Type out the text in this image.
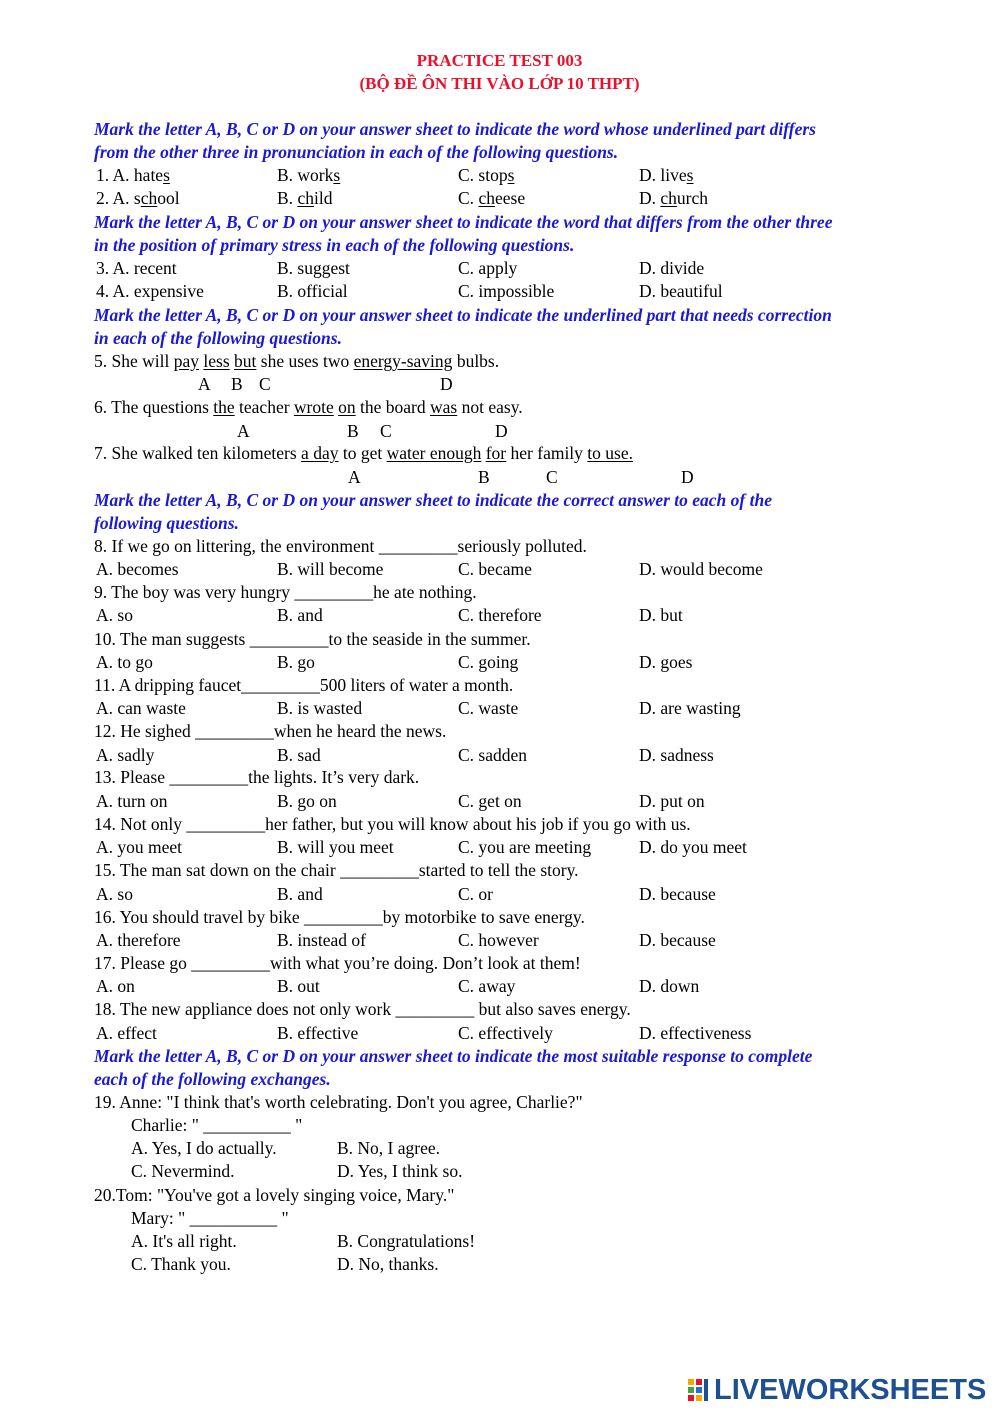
PRACTICE TEST 003
(BỘ ĐỀ ÔN THI VÀO LỚP 10 THPT)
Mark the letter A, B, C or D on your answer sheet to indicate the word whose underlined part differs
from the other three in pronunciation in each of the following questions.
1. A. hates	B. works	C. stops	D. lives
2. A. school	B. child	C. cheese	D. church
Mark the letter A, B, C or D on your answer sheet to indicate the word that differs from the other three
in the position of primary stress in each of the following questions.
3. A. recent	B. suggest	C. apply	D. divide
4. A. expensive	B. official	C. impossible	D. beautiful
Mark the letter A, B, C or D on your answer sheet to indicate the underlined part that needs correction
in each of the following questions.
5. She will pay less but she uses two energy-saving bulbs.
A B C	D
6. The questions the teacher wrote on the board was not easy.
A	B C	D
7. She walked ten kilometers a day to get water enough for her family to use.
A	B	C	D
Mark the letter A, B, C or D on your answer sheet to indicate the correct answer to each of the
following questions.
8. If we go on littering, the environment _________seriously polluted.
A. becomes	B. will become	C. became	D. would become
9. The boy was very hungry _________he ate nothing.
A. so	B. and	C. therefore	D. but
10. The man suggests _________to the seaside in the summer.
A. to go	B. go	C. going	D. goes
11. A dripping faucet_________500 liters of water a month.
A. can waste	B. is wasted	C. waste	D. are wasting
12. He sighed _________when he heard the news.
A. sadly	B. sad	C. sadden	D. sadness
13. Please _________the lights. It’s very dark.
A. turn on	B. go on	C. get on	D. put on
14. Not only _________her father, but you will know about his job if you go with us.
A. you meet	B. will you meet	C. you are meeting	D. do you meet
15. The man sat down on the chair _________started to tell the story.
A. so	B. and	C. or	D. because
16. You should travel by bike _________by motorbike to save energy.
A. therefore	B. instead of	C. however	D. because
17. Please go _________with what you’re doing. Don’t look at them!
A. on	B. out	C. away	D. down
18. The new appliance does not only work _________ but also saves energy.
A. effect	B. effective	C. effectively	D. effectiveness
Mark the letter A, B, C or D on your answer sheet to indicate the most suitable response to complete
each of the following exchanges.
19. Anne: "I think that's worth celebrating. Don't you agree, Charlie?"
Charlie: " __________ "
A. Yes, I do actually.	B. No, I agree.
C. Nevermind.	D. Yes, I think so.
20.Tom: "You've got a lovely singing voice, Mary."
Mary: " __________ "
A. It's all right.	B. Congratulations!
C. Thank you.	D. No, thanks.
LIVEWORKSHEETS
